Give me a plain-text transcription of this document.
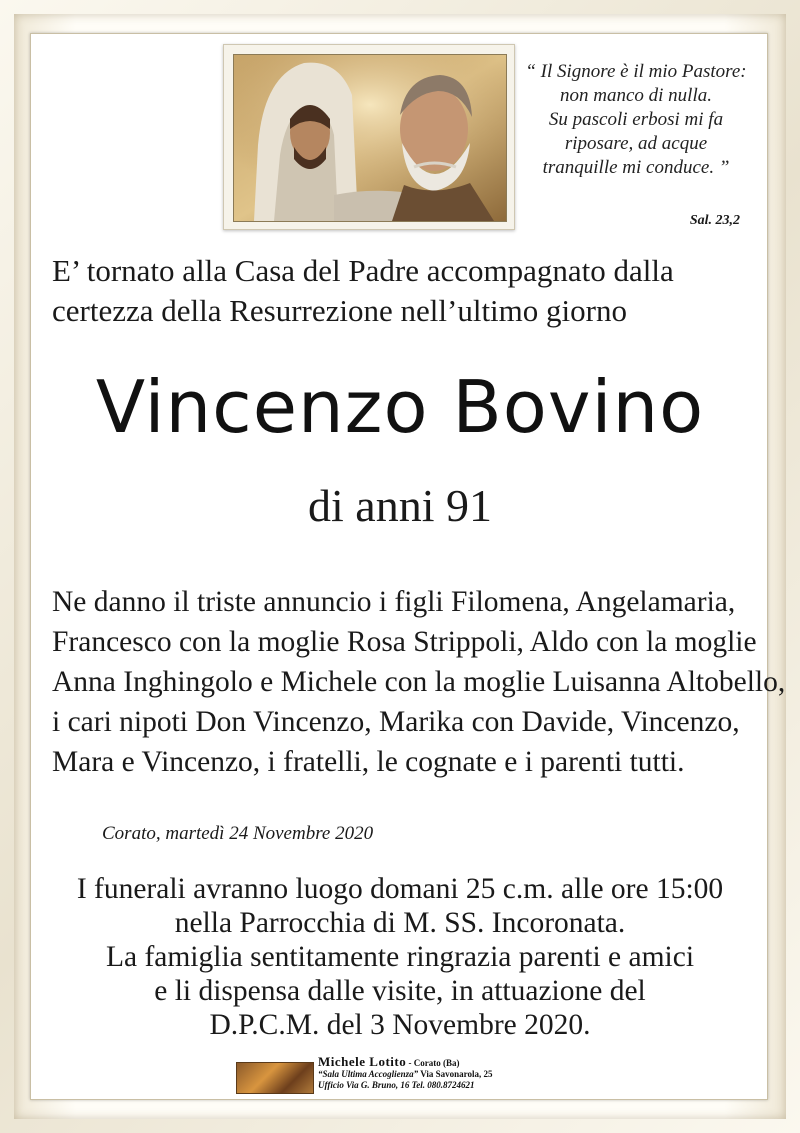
“ Il Signore è il mio Pastore:
non manco di nulla.
Su pascoli erbosi mi fa
riposare, ad acque
tranquille mi conduce. ”
Sal. 23,2
E’ tornato alla Casa del Padre accompagnato dalla
certezza della Resurrezione nell’ultimo giorno
Vincenzo Bovino
di anni 91
Ne danno il triste annuncio i figli Filomena, Angelamaria,
Francesco con la moglie Rosa Strippoli, Aldo con la moglie
Anna Inghingolo e Michele con la moglie Luisanna Altobello,
i cari nipoti Don Vincenzo, Marika con Davide, Vincenzo,
Mara e Vincenzo, i fratelli, le cognate e i parenti tutti.
Corato, martedì 24 Novembre 2020
I funerali avranno luogo domani 25 c.m. alle ore 15:00
nella Parrocchia di M. SS. Incoronata.
La famiglia sentitamente ringrazia parenti e amici
e li dispensa dalle visite, in attuazione del
D.P.C.M. del 3 Novembre 2020.
Michele Lotito - Corato (Ba)
“Sala Ultima Accoglienza” Via Savonarola, 25
Ufficio Via G. Bruno, 16 Tel. 080.8724621
